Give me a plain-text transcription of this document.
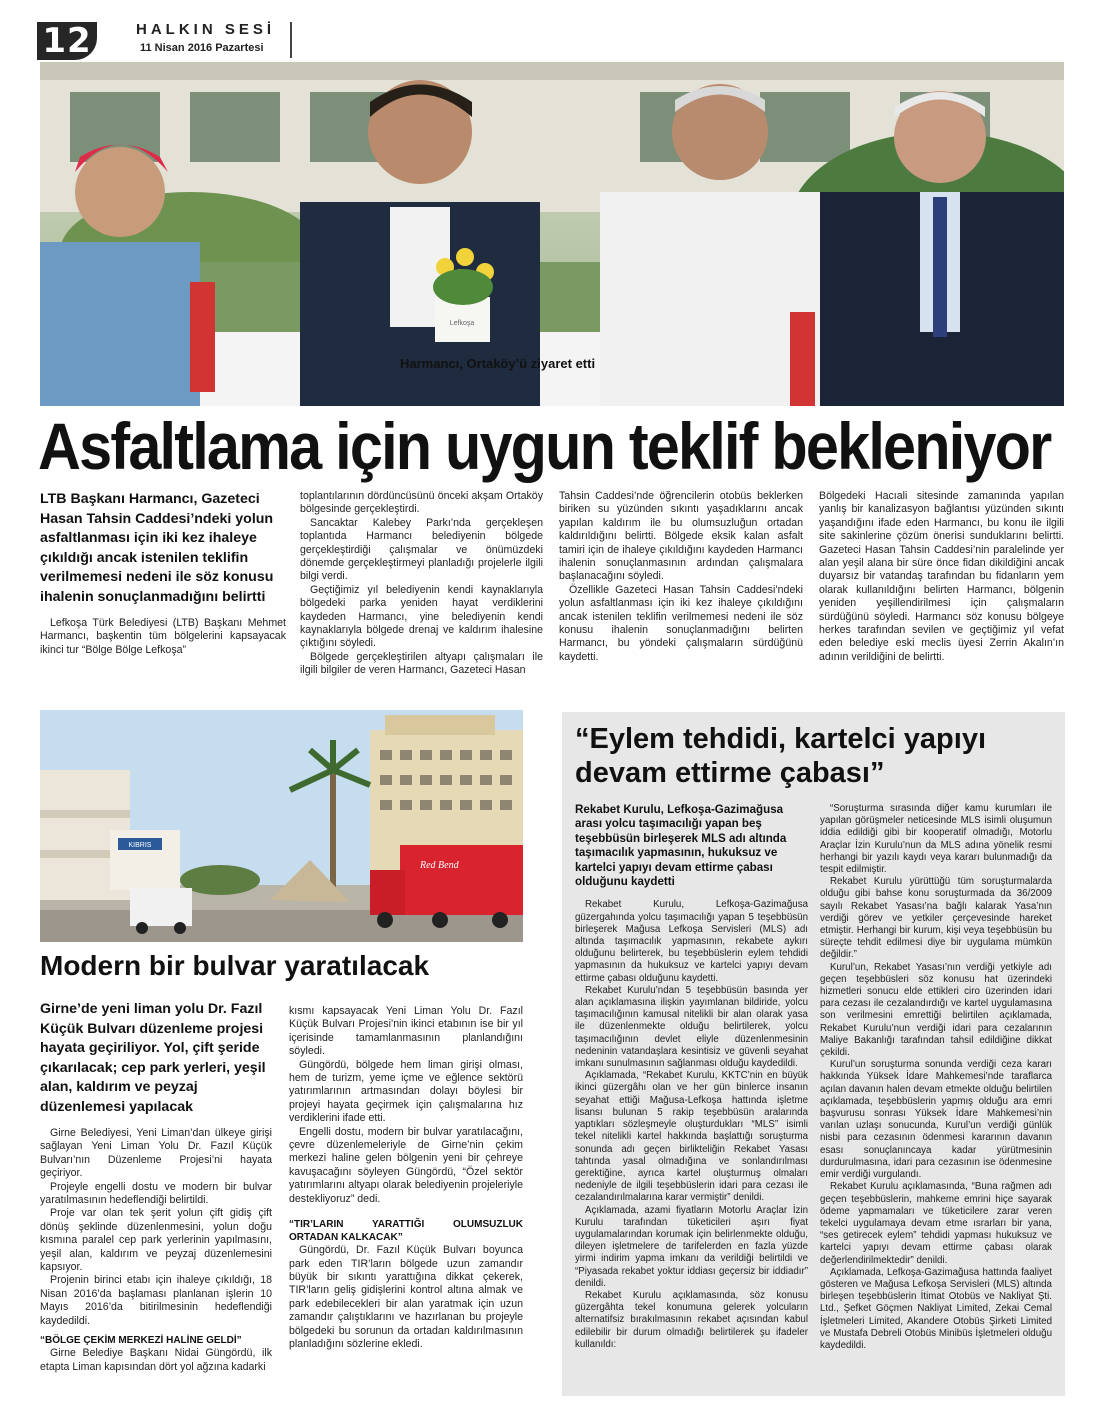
12	HALKIN SESİ
11 Nisan 2016 Pazartesi
Lefkoşa
Harmancı, Ortaköy’ü ziyaret etti
Asfaltlama için uygun teklif bekleniyor
LTB Başkanı Harmancı, Gazeteci Hasan Tahsin Caddesi’ndeki yolun asfaltlanması için iki kez ihaleye çıkıldığı ancak istenilen teklifin verilmemesi nedeni ile söz konusu ihalenin sonuçlanmadığını belirtti

Lefkoşa Türk Belediyesi (LTB) Başkanı Mehmet Harmancı, başkentin tüm bölgelerini kapsayacak ikinci tur “Bölge Bölge Lefkoşa”

toplantılarının dördüncüsünü önceki akşam Ortaköy bölgesinde gerçekleştirdi.

Sancaktar Kalebey Parkı’nda gerçekleşen toplantıda Harmancı belediyenin bölgede gerçekleştirdiği çalışmalar ve önümüzdeki dönemde gerçekleştirmeyi planladığı projelerle ilgili bilgi verdi.

Geçtiğimiz yıl belediyenin kendi kaynaklarıyla bölgedeki parka yeniden hayat verdiklerini kaydeden Harmancı, yine belediyenin kendi kaynaklarıyla bölgede drenaj ve kaldırım ihalesine çıktığını söyledi.

Bölgede gerçekleştirilen altyapı çalışmaları ile ilgili bilgiler de veren Harmancı, Gazeteci Hasan

Tahsin Caddesi’nde öğrencilerin otobüs beklerken biriken su yüzünden sıkıntı yaşadıklarını ancak yapılan kaldırım ile bu olumsuzluğun ortadan kaldırıldığını belirtti. Bölgede eksik kalan asfalt tamiri için de ihaleye çıkıldığını kaydeden Harmancı ihalenin sonuçlanmasının ardından çalışmalara başlanacağını söyledi.

Özellikle Gazeteci Hasan Tahsin Caddesi’ndeki yolun asfaltlanması için iki kez ihaleye çıkıldığını ancak istenilen teklifin verilmemesi nedeni ile söz konusu ihalenin sonuçlanmadığını belirten Harmancı, bu yöndeki çalışmaların sürdüğünü kaydetti.

Bölgedeki Hacıali sitesinde zamanında yapılan yanlış bir kanalizasyon bağlantısı yüzünden sıkıntı yaşandığını ifade eden Harmancı, bu konu ile ilgili site sakinlerine çözüm önerisi sunduklarını belirtti. Gazeteci Hasan Tahsin Caddesi’nin paralelinde yer alan yeşil alana bir süre önce fidan dikildiğini ancak duyarsız bir vatandaş tarafından bu fidanların yem olarak kullanıldığını belirten Harmancı, bölgenin yeniden yeşillendirilmesi için çalışmaların sürdüğünü söyledi. Harmancı söz konusu bölgeye herkes tarafından sevilen ve geçtiğimiz yıl vefat eden belediye eski meclis üyesi Zerrin Akalın’ın adının verildiğini de belirtti.
KIBRIS
Red Bend
Modern bir bulvar yaratılacak
Girne’de yeni liman yolu Dr. Fazıl Küçük Bulvarı düzenleme projesi hayata geçiriliyor. Yol, çift şeride çıkarılacak; cep park yerleri, yeşil alan, kaldırım ve peyzaj düzenlemesi yapılacak

Girne Belediyesi, Yeni Liman’dan ülkeye girişi sağlayan Yeni Liman Yolu Dr. Fazıl Küçük Bulvarı’nın Düzenleme Projesi’ni hayata geçiriyor.

Projeyle engelli dostu ve modern bir bulvar yaratılmasının hedeflendiği belirtildi.

Proje var olan tek şerit yolun çift gidiş çift dönüş şeklinde düzenlenmesini, yolun doğu kısmına paralel cep park yerlerinin yapılmasını, yeşil alan, kaldırım ve peyzaj düzenlemesini kapsıyor.

Projenin birinci etabı için ihaleye çıkıldığı, 18 Nisan 2016’da başlaması planlanan işlerin 10 Mayıs 2016’da bitirilmesinin hedeflendiği kaydedildi.

“BÖLGE ÇEKİM MERKEZİ HALİNE GELDİ”

Girne Belediye Başkanı Nidai Güngördü, ilk etapta Liman kapısından dört yol ağzına kadarki

kısmı kapsayacak Yeni Liman Yolu Dr. Fazıl Küçük Bulvarı Projesi’nin ikinci etabının ise bir yıl içerisinde tamamlanmasının planlandığını söyledi.

Güngördü, bölgede hem liman girişi olması, hem de turizm, yeme içme ve eğlence sektörü yatırımlarının artmasından dolayı böylesi bir projeyi hayata geçirmek için çalışmalarına hız verdiklerini ifade etti.

Engelli dostu, modern bir bulvar yaratılacağını, çevre düzenlemeleriyle de Girne’nin çekim merkezi haline gelen bölgenin yeni bir çehreye kavuşacağını söyleyen Güngördü, “Özel sektör yatırımlarını altyapı olarak belediyenin projeleriyle destekliyoruz” dedi.

“TIR’LARIN YARATTIĞI OLUMSUZLUK ORTADAN KALKACAK”

Güngördü, Dr. Fazıl Küçük Bulvarı boyunca park eden TIR’ların bölgede uzun zamandır büyük bir sıkıntı yarattığına dikkat çekerek, TIR’ların geliş gidişlerini kontrol altına almak ve park edebilecekleri bir alan yaratmak için uzun zamandır çalıştıklarını ve hazırlanan bu projeyle bölgedeki bu sorunun da ortadan kaldırılmasının planladığını sözlerine ekledi.

“Eylem tehdidi, kartelci yapıyı devam ettirme çabası”
Rekabet Kurulu, Lefkoşa-Gazimağusa arası yolcu taşımacılığı yapan beş teşebbüsün birleşerek MLS adı altında taşımacılık yapmasının, hukuksuz ve kartelci yapıyı devam ettirme çabası olduğunu kaydetti

Rekabet Kurulu, Lefkoşa-Gazimağusa güzergahında yolcu taşımacılığı yapan 5 teşebbüsün birleşerek Mağusa Lefkoşa Servisleri (MLS) adı altında taşımacılık yapmasının, rekabete aykırı olduğunu belirterek, bu teşebbüslerin eylem tehdidi yapmasının da hukuksuz ve kartelci yapıyı devam ettirme çabası olduğunu kaydetti.

Rekabet Kurulu’ndan 5 teşebbüsün basında yer alan açıklamasına ilişkin yayımlanan bildiride, yolcu taşımacılığının kamusal nitelikli bir alan olarak yasa ile düzenlenmekte olduğu belirtilerek, yolcu taşımacılığının devlet eliyle düzenlenmesinin nedeninin vatandaşlara kesintisiz ve güvenli seyahat imkanı sunulmasının sağlanması olduğu kaydedildi.

Açıklamada, “Rekabet Kurulu, KKTC’nin en büyük ikinci güzergâhı olan ve her gün binlerce insanın seyahat ettiği Mağusa-Lefkoşa hattında işletme lisansı bulunan 5 rakip teşebbüsün aralarında yaptıkları sözleşmeyle oluşturdukları “MLS” isimli tekel nitelikli kartel hakkında başlattığı soruşturma sonunda adı geçen birlikteliğin Rekabet Yasası tahtında yasal olmadığına ve sonlandırılması gerektiğine, ayrıca kartel oluşturmuş olmaları nedeniyle de ilgili teşebbüslerin idari para cezası ile cezalandırılmalarına karar vermiştir” denildi.

Açıklamada, azami fiyatların Motorlu Araçlar İzin Kurulu tarafından tüketicileri aşırı fiyat uygulamalarından korumak için belirlenmekte olduğu, dileyen işletmelere de tarifelerden en fazla yüzde yirmi indirim yapma imkanı da verildiği belirtildi ve “Piyasada rekabet yoktur iddiası geçersiz bir iddiadır” denildi.

Rekabet Kurulu açıklamasında, söz konusu güzergâhta tekel konumuna gelerek yolcuların alternatifsiz bırakılmasının rekabet açısından kabul edilebilir bir durum olmadığı belirtilerek şu ifadeler kullanıldı:

“Soruşturma sırasında diğer kamu kurumları ile yapılan görüşmeler neticesinde MLS isimli oluşumun iddia edildiği gibi bir kooperatif olmadığı, Motorlu Araçlar İzin Kurulu’nun da MLS adına yönelik resmi herhangi bir yazılı kaydı veya kararı bulunmadığı da tespit edilmiştir.

Rekabet Kurulu yürüttüğü tüm soruşturmalarda olduğu gibi bahse konu soruşturmada da 36/2009 sayılı Rekabet Yasası’na bağlı kalarak Yasa’nın verdiği görev ve yetkiler çerçevesinde hareket etmiştir. Herhangi bir kurum, kişi veya teşebbüsün bu süreçte tehdit edilmesi diye bir uygulama mümkün değildir.”

Kurul’un, Rekabet Yasası’nın verdiği yetkiyle adı geçen teşebbüsleri söz konusu hat üzerindeki hizmetleri sonucu elde ettikleri ciro üzerinden idari para cezası ile cezalandırdığı ve kartel uygulamasına son verilmesini emrettiği belirtilen açıklamada, Rekabet Kurulu’nun verdiği idari para cezalarının Maliye Bakanlığı tarafından tahsil edildiğine dikkat çekildi.

Kurul’un soruşturma sonunda verdiği ceza kararı hakkında Yüksek İdare Mahkemesi’nde taraflarca açılan davanın halen devam etmekte olduğu belirtilen açıklamada, teşebbüslerin yapmış olduğu ara emri başvurusu sonrası Yüksek İdare Mahkemesi’nin varılan uzlaşı sonucunda, Kurul’un verdiği günlük nisbi para cezasının ödenmesi kararının davanın esası sonuçlanıncaya kadar yürütmesinin durdurulmasına, idari para cezasının ise ödenmesine emir verdiği vurgulandı.

Rekabet Kurulu açıklamasında, “Buna rağmen adı geçen teşebbüslerin, mahkeme emrini hiçe sayarak ödeme yapmamaları ve tüketicilere zarar veren tekelci uygulamaya devam etme ısrarları bir yana, “ses getirecek eylem” tehdidi yapması hukuksuz ve kartelci yapıyı devam ettirme çabası olarak değerlendirilmektedir” denildi.

Açıklamada, Lefkoşa-Gazimağusa hattında faaliyet gösteren ve Mağusa Lefkoşa Servisleri (MLS) altında birleşen teşebbüslerin İtimat Otobüs ve Nakliyat Şti. Ltd., Şefket Göçmen Nakliyat Limited, Zekai Cemal İşletmeleri Limited, Akandere Otobüs Şirketi Limited ve Mustafa Debreli Otobüs Minibüs İşletmeleri olduğu kaydedildi.
